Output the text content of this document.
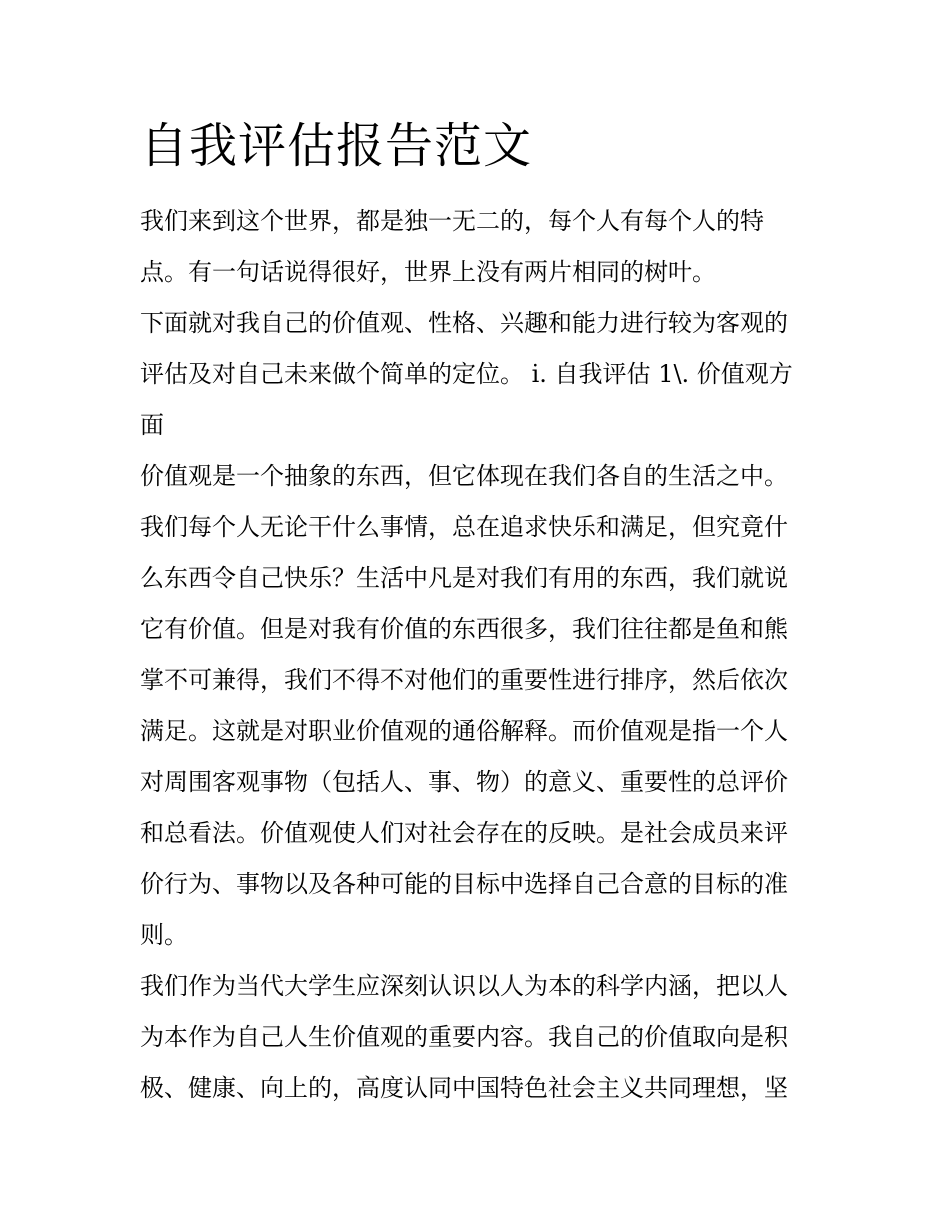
自我评估报告范文

我们来到这个世界，都是独一无二的，每个人有每个人的特
点。有一句话说得很好，世界上没有两片相同的树叶。

下面就对我自己的价值观、性格、兴趣和能力进行较为客观的
评估及对自己未来做个简单的定位。 i. 自我评估 1\. 价值观方
面

价值观是一个抽象的东西，但它体现在我们各自的生活之中。
我们每个人无论干什么事情，总在追求快乐和满足，但究竟什
么东西令自己快乐？生活中凡是对我们有用的东西，我们就说
它有价值。但是对我有价值的东西很多，我们往往都是鱼和熊
掌不可兼得，我们不得不对他们的重要性进行排序，然后依次
满足。这就是对职业价值观的通俗解释。而价值观是指一个人
对周围客观事物（包括人、事、物）的意义、重要性的总评价
和总看法。价值观使人们对社会存在的反映。是社会成员来评
价行为、事物以及各种可能的目标中选择自己合意的目标的准
则。

我们作为当代大学生应深刻认识以人为本的科学内涵，把以人
为本作为自己人生价值观的重要内容。我自己的价值取向是积
极、健康、向上的，高度认同中国特色社会主义共同理想，坚
